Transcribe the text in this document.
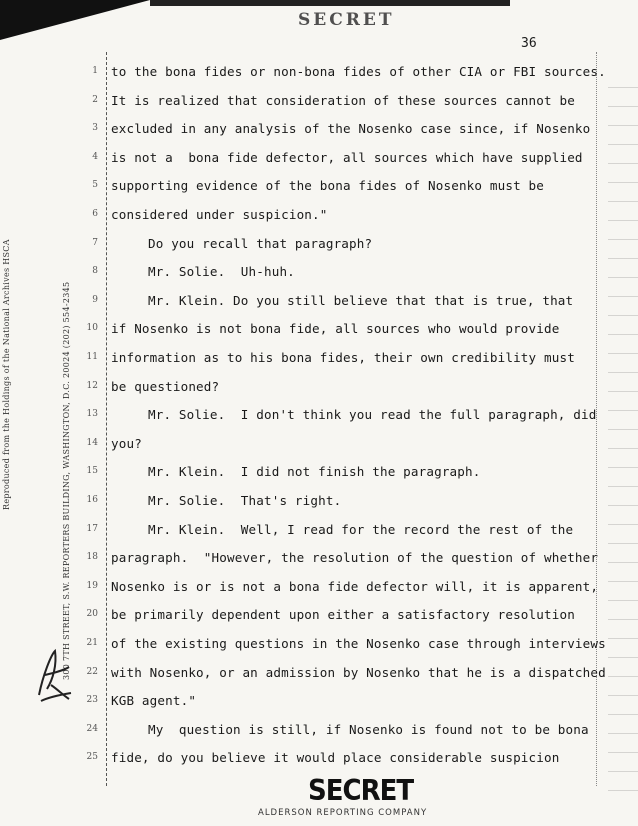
SECRET
36
Reproduced from the Holdings of the National Archives HSCA	300 7TH STREET, S.W. REPORTERS BUILDING, WASHINGTON, D.C. 20024 (202) 554-2345
1 to the bona fides or non-bona fides of other CIA or FBI sources.
2 It is realized that consideration of these sources cannot be
3 excluded in any analysis of the Nosenko case since, if Nosenko
4 is not a  bona fide defector, all sources which have supplied
5 supporting evidence of the bona fides of Nosenko must be
6 considered under suspicion."
7	Do you recall that paragraph?
8	Mr. Solie.  Uh-huh.
9	Mr. Klein. Do you still believe that that is true, that
10 if Nosenko is not bona fide, all sources who would provide
11 information as to his bona fides, their own credibility must
12 be questioned?
13	Mr. Solie.  I don't think you read the full paragraph, did
14 you?
15	Mr. Klein.  I did not finish the paragraph.
16	Mr. Solie.  That's right.
17	Mr. Klein.  Well, I read for the record the rest of the
18 paragraph.  "However, the resolution of the question of whether
19 Nosenko is or is not a bona fide defector will, it is apparent,
20 be primarily dependent upon either a satisfactory resolution
21 of the existing questions in the Nosenko case through interviews
22 with Nosenko, or an admission by Nosenko that he is a dispatched
23 KGB agent."
24	My  question is still, if Nosenko is found not to be bona
25 fide, do you believe it would place considerable suspicion
SECRET
ALDERSON REPORTING COMPANY
